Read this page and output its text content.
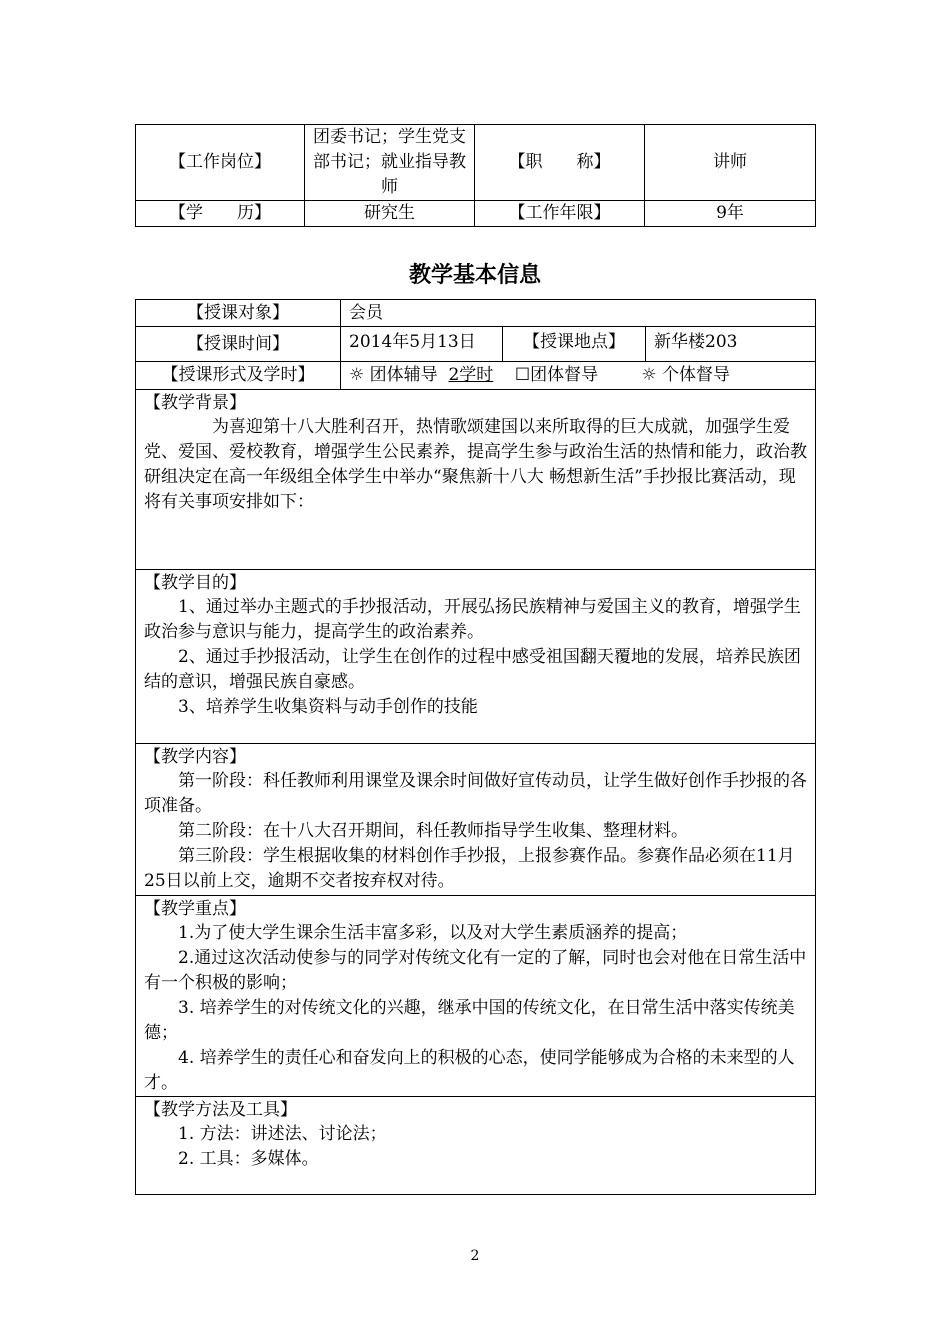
【工作岗位】	团委书记；学生党支部书记；就业指导教师	【职　　称】	讲师
【学　　历】	研究生	【工作年限】	9年
教学基本信息
【授课对象】	会员		
【授课时间】	2014年5月13日	【授课地点】	新华楼203
【授课形式及学时】	☼ 团体辅导 2学时 ☐团体督导 ☼ 个体督导		

【教学背景】

为喜迎第十八大胜利召开，热情歌颂建国以来所取得的巨大成就，加强学生爱党、爱国、爱校教育，增强学生公民素养，提高学生参与政治生活的热情和能力，政治教研组决定在高一年级组全体学生中举办“聚焦新十八大 畅想新生活”手抄报比赛活动，现将有关事项安排如下：			

【教学目的】

1、通过举办主题式的手抄报活动，开展弘扬民族精神与爱国主义的教育，增强学生政治参与意识与能力，提高学生的政治素养。

2、通过手抄报活动，让学生在创作的过程中感受祖国翻天覆地的发展，培养民族团结的意识，增强民族自豪感。

3、培养学生收集资料与动手创作的技能			

【教学内容】

第一阶段：科任教师利用课堂及课余时间做好宣传动员，让学生做好创作手抄报的各项准备。

第二阶段：在十八大召开期间，科任教师指导学生收集、整理材料。

第三阶段：学生根据收集的材料创作手抄报，上报参赛作品。参赛作品必须在11月25日以前上交，逾期不交者按弃权对待。			

【教学重点】

1.为了使大学生课余生活丰富多彩，以及对大学生素质涵养的提高；

2.通过这次活动使参与的同学对传统文化有一定的了解，同时也会对他在日常生活中有一个积极的影响；

3. 培养学生的对传统文化的兴趣，继承中国的传统文化，在日常生活中落实传统美德；

4. 培养学生的责任心和奋发向上的积极的心态，使同学能够成为合格的未来型的人才。			

【教学方法及工具】

1. 方法：讲述法、讨论法；

2. 工具：多媒体。			

2
